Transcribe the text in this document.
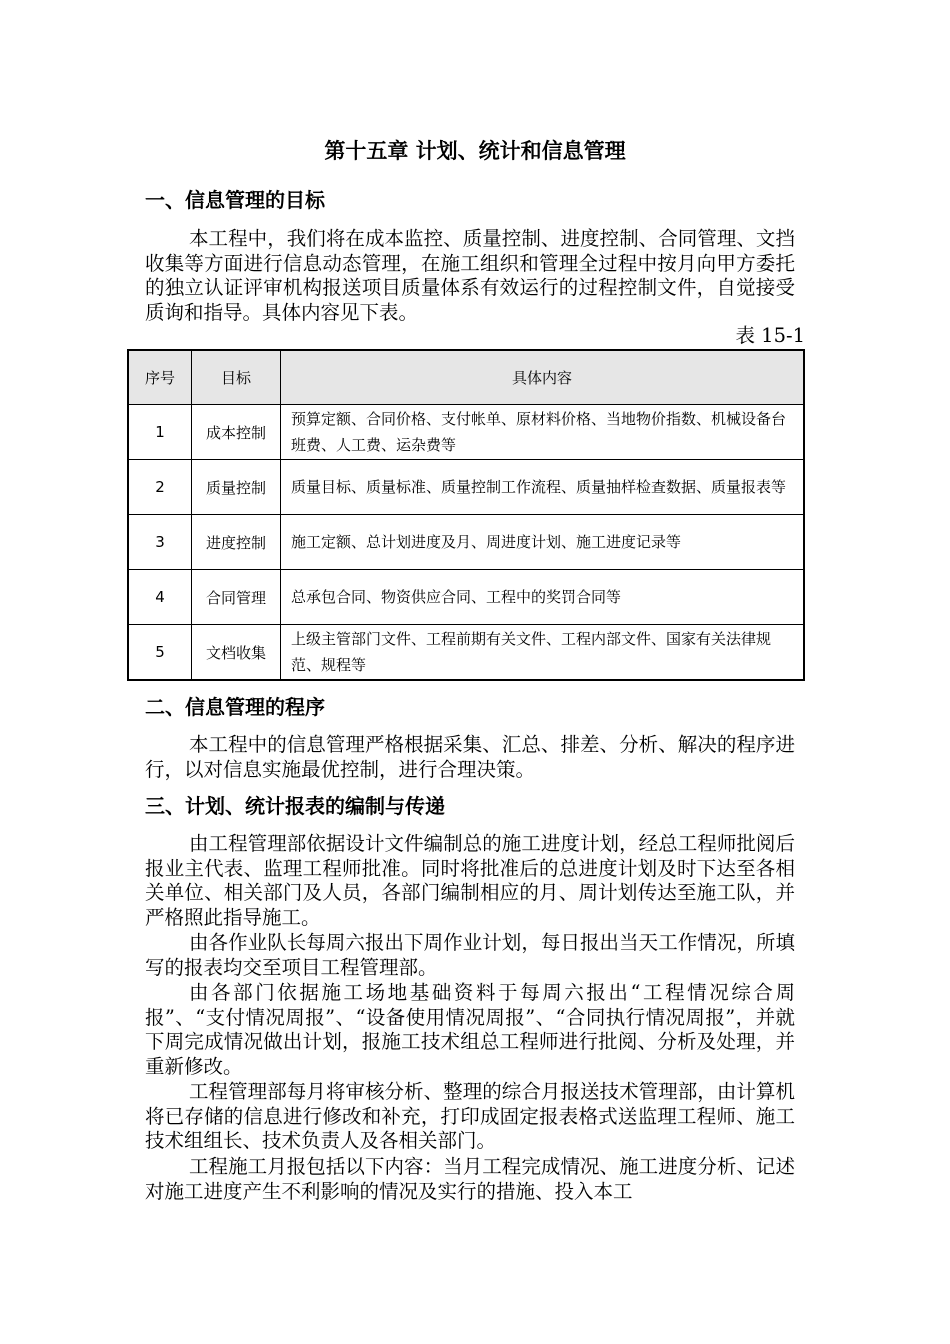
第十五章 计划、统计和信息管理
一、信息管理的目标

本工程中，我们将在成本监控、质量控制、进度控制、合同管理、文挡收集等方面进行信息动态管理，在施工组织和管理全过程中按月向甲方委托的独立认证评审机构报送项目质量体系有效运行的过程控制文件，自觉接受质询和指导。具体内容见下表。

表 15-1
序号	目标	具体内容
1	成本控制	预算定额、合同价格、支付帐单、原材料价格、当地物价指数、机械设备台班费、人工费、运杂费等
2	质量控制	质量目标、质量标准、质量控制工作流程、质量抽样检查数据、质量报表等
3	进度控制	施工定额、总计划进度及月、周进度计划、施工进度记录等
4	合同管理	总承包合同、物资供应合同、工程中的奖罚合同等
5	文档收集	上级主管部门文件、工程前期有关文件、工程内部文件、国家有关法律规范、规程等
二、信息管理的程序

本工程中的信息管理严格根据采集、汇总、排差、分析、解决的程序进行，以对信息实施最优控制，进行合理决策。

三、计划、统计报表的编制与传递

由工程管理部依据设计文件编制总的施工进度计划，经总工程师批阅后报业主代表、监理工程师批准。同时将批准后的总进度计划及时下达至各相关单位、相关部门及人员，各部门编制相应的月、周计划传达至施工队，并严格照此指导施工。

由各作业队长每周六报出下周作业计划，每日报出当天工作情况，所填写的报表均交至项目工程管理部。

由各部门依据施工场地基础资料于每周六报出“工程情况综合周报”、“支付情况周报”、“设备使用情况周报”、“合同执行情况周报”，并就下周完成情况做出计划，报施工技术组总工程师进行批阅、分析及处理，并重新修改。

工程管理部每月将审核分析、整理的综合月报送技术管理部，由计算机将已存储的信息进行修改和补充，打印成固定报表格式送监理工程师、施工技术组组长、技术负责人及各相关部门。

工程施工月报包括以下内容：当月工程完成情况、施工进度分析、记述对施工进度产生不利影响的情况及实行的措施、投入本工
